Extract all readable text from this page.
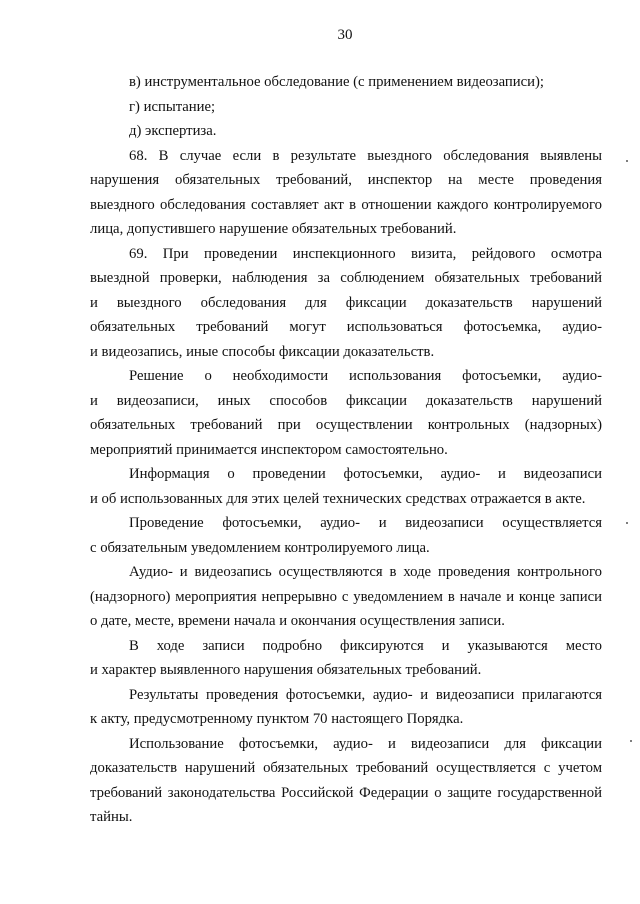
30
в) инструментальное обследование (с применением видеозаписи);
г) испытание;
д) экспертиза.
68. В случае если в результате выездного обследования выявлены
нарушения обязательных требований, инспектор на месте проведения
выездного обследования составляет акт в отношении каждого контролируемого
лица, допустившего нарушение обязательных требований.
69. При проведении инспекционного визита, рейдового осмотра
выездной проверки, наблюдения за соблюдением обязательных требований
и выездного обследования для фиксации доказательств нарушений
обязательных требований могут использоваться фотосъемка, аудио-
и видеозапись, иные способы фиксации доказательств.
Решение о необходимости использования фотосъемки, аудио-
и видеозаписи, иных способов фиксации доказательств нарушений
обязательных требований при осуществлении контрольных (надзорных)
мероприятий принимается инспектором самостоятельно.
Информация о проведении фотосъемки, аудио- и видеозаписи
и об использованных для этих целей технических средствах отражается в акте.
Проведение фотосъемки, аудио- и видеозаписи осуществляется
с обязательным уведомлением контролируемого лица.
Аудио- и видеозапись осуществляются в ходе проведения контрольного
(надзорного) мероприятия непрерывно с уведомлением в начале и конце записи
о дате, месте, времени начала и окончания осуществления записи.
В ходе записи подробно фиксируются и указываются место
и характер выявленного нарушения обязательных требований.
Результаты проведения фотосъемки, аудио- и видеозаписи прилагаются
к акту, предусмотренному пунктом 70 настоящего Порядка.
Использование фотосъемки, аудио- и видеозаписи для фиксации
доказательств нарушений обязательных требований осуществляется с учетом
требований законодательства Российской Федерации о защите государственной
тайны.
